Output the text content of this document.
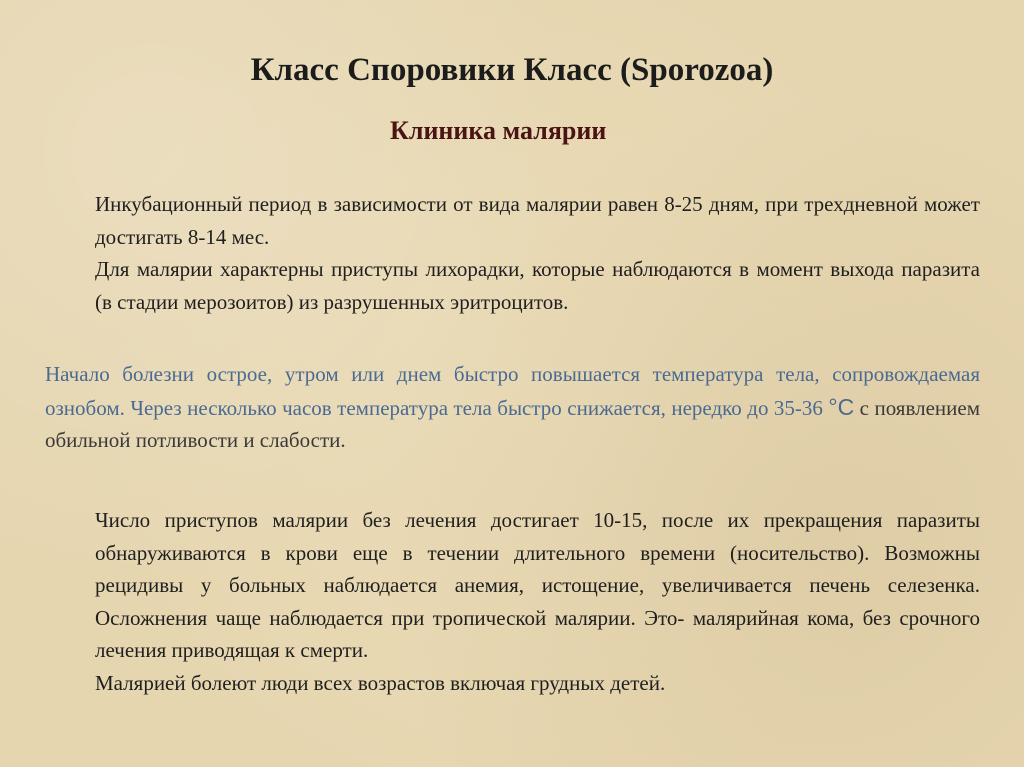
Класс Споровики Класс (Sporozoa)
Клиника малярии

Инкубационный период в зависимости от вида малярии равен 8-25 дням, при трехдневной может достигать 8-14 мес.

Для малярии характерны приступы лихорадки, которые наблюдаются в момент выхода паразита (в стадии мерозоитов) из разрушенных эритроцитов.

Начало болезни острое, утром или днем быстро повышается температура тела, сопровождаемая ознобом. Через несколько часов температура тела быстро снижается, нередко до 35-36 °С с появлением обильной потливости и слабости.

Число приступов малярии без лечения достигает 10-15, после их прекращения паразиты обнаруживаются в крови еще в течении длительного времени (носительство). Возможны рецидивы у больных наблюдается анемия, истощение, увеличивается печень селезенка. Осложнения чаще наблюдается при тропической малярии. Это- малярийная кома, без срочного лечения приводящая к смерти.

Малярией болеют люди всех возрастов включая грудных детей.
